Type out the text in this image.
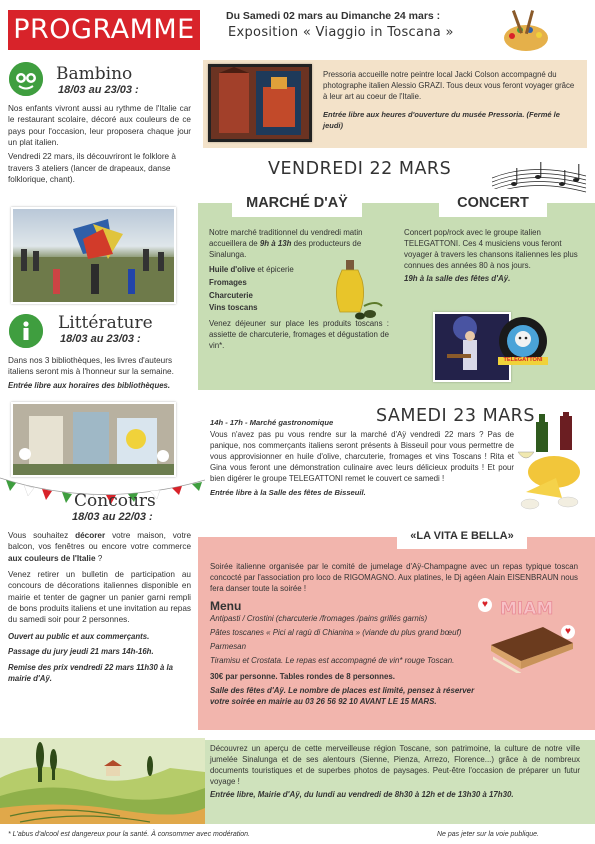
PROGRAMME
Bambino
18/03 au 23/03 :

Nos enfants vivront aussi au rythme de l'Italie car le restaurant scolaire, décoré aux couleurs de ce pays pour l'occasion, leur proposera chaque jour un plat italien.

Vendredi 22 mars, ils découvriront le folklore à travers 3 ateliers (lancer de drapeaux, danse folklorique, chant).

Littérature
18/03 au 23/03 :

Dans nos 3 bibliothèques, les livres d'auteurs italiens seront mis à l'honneur sur la semaine.

Entrée libre aux horaires des bibliothèques.

Concours
18/03 au 22/03 :

Vous souhaitez décorer votre maison, votre balcon, vos fenêtres ou encore votre commerce aux couleurs de l'Italie ?

Venez retirer un bulletin de participation au concours de décorations italiennes disponible en mairie et tenter de gagner un panier garni rempli de bons produits italiens et une invitation au repas du samedi soir pour 2 personnes.

Ouvert au public et aux commerçants.

Passage du jury jeudi 21 mars 14h-16h.

Remise des prix vendredi 22 mars 11h30 à la mairie d'Aÿ.

Du Samedi 02 mars au Dimanche 24 mars :
Exposition « Viaggio in Toscana »

Pressoria accueille notre peintre local Jacki Colson accompagné du photographe italien Alessio GRAZI. Tous deux vous feront voyager grâce à leur art au coeur de l'Italie.

Entrée libre aux heures d'ouverture du musée Pressoria. (Fermé le jeudi)

VENDREDI 22 MARS
MARCHÉ D'AŸ	CONCERT

Notre marché traditionnel du vendredi matin accueillera de 9h à 13h des producteurs de Sinalunga.

Huile d'olive et épicerie

Fromages

Charcuterie

Vins toscans

Venez déjeuner sur place les produits toscans : assiette de charcuterie, fromages et dégustation de vin*.

Concert pop/rock avec le groupe italien TELEGATTONI. Ces 4 musiciens vous feront voyager à travers les chansons italiennes les plus connues des années 80 à nos jours.

19h à la salle des fêtes d'Aÿ.

TELEGATTONI
SAMEDI 23 MARS

14h - 17h - Marché gastronomique

Vous n'avez pas pu vous rendre sur la marché d'Aÿ vendredi 22 mars ? Pas de panique, nos commerçants italiens seront présents à Bisseuil pour vous permettre de vous approvisionner en huile d'olive, charcuterie, fromages et vins Toscans ! Rita et Gina vous feront une démonstration culinaire avec leurs délicieux produits ! Et pour bien digérer le groupe TELEGATTONI remet le couvert ce samedi !

Entrée libre à la Salle des fêtes de Bisseuil.

«LA VITA E BELLA»

Soirée italienne organisée par le comité de jumelage d'Aÿ-Champagne avec un repas typique toscan concocté par l'association pro loco de RIGOMAGNO. Aux platines, le Dj agéen Alain EISENBRAUN nous fera danser toute la soirée !

Menu

Antipasti / Crostini (charcuterie /fromages /pains grillés garnis)

Pâtes toscanes « Pici al ragù di Chianina » (viande du plus grand bœuf)

Parmesan

Tiramisu et Crostata. Le repas est accompagné de vin* rouge Toscan.

30€ par personne. Tables rondes de 8 personnes.

Salle des fêtes d'Aÿ. Le nombre de places est limité, pensez à réserver votre soirée en mairie au 03 26 56 92 10 AVANT LE 15 MARS.

MIAM
♥
♥

Découvrez un aperçu de cette merveilleuse région Toscane, son patrimoine, la culture de notre ville jumelée Sinalunga et de ses alentours (Sienne, Pienza, Arrezo, Florence...) grâce à de nombreux documents touristiques et de superbes photos de paysages. Peut-être l'occasion de préparer un futur voyage !

Entrée libre, Mairie d'Aÿ, du lundi au vendredi de 8h30 à 12h et de 13h30 à 17h30.

* L'abus d'alcool est dangereux pour la santé. À consommer avec modération.	Ne pas jeter sur la voie publique.
